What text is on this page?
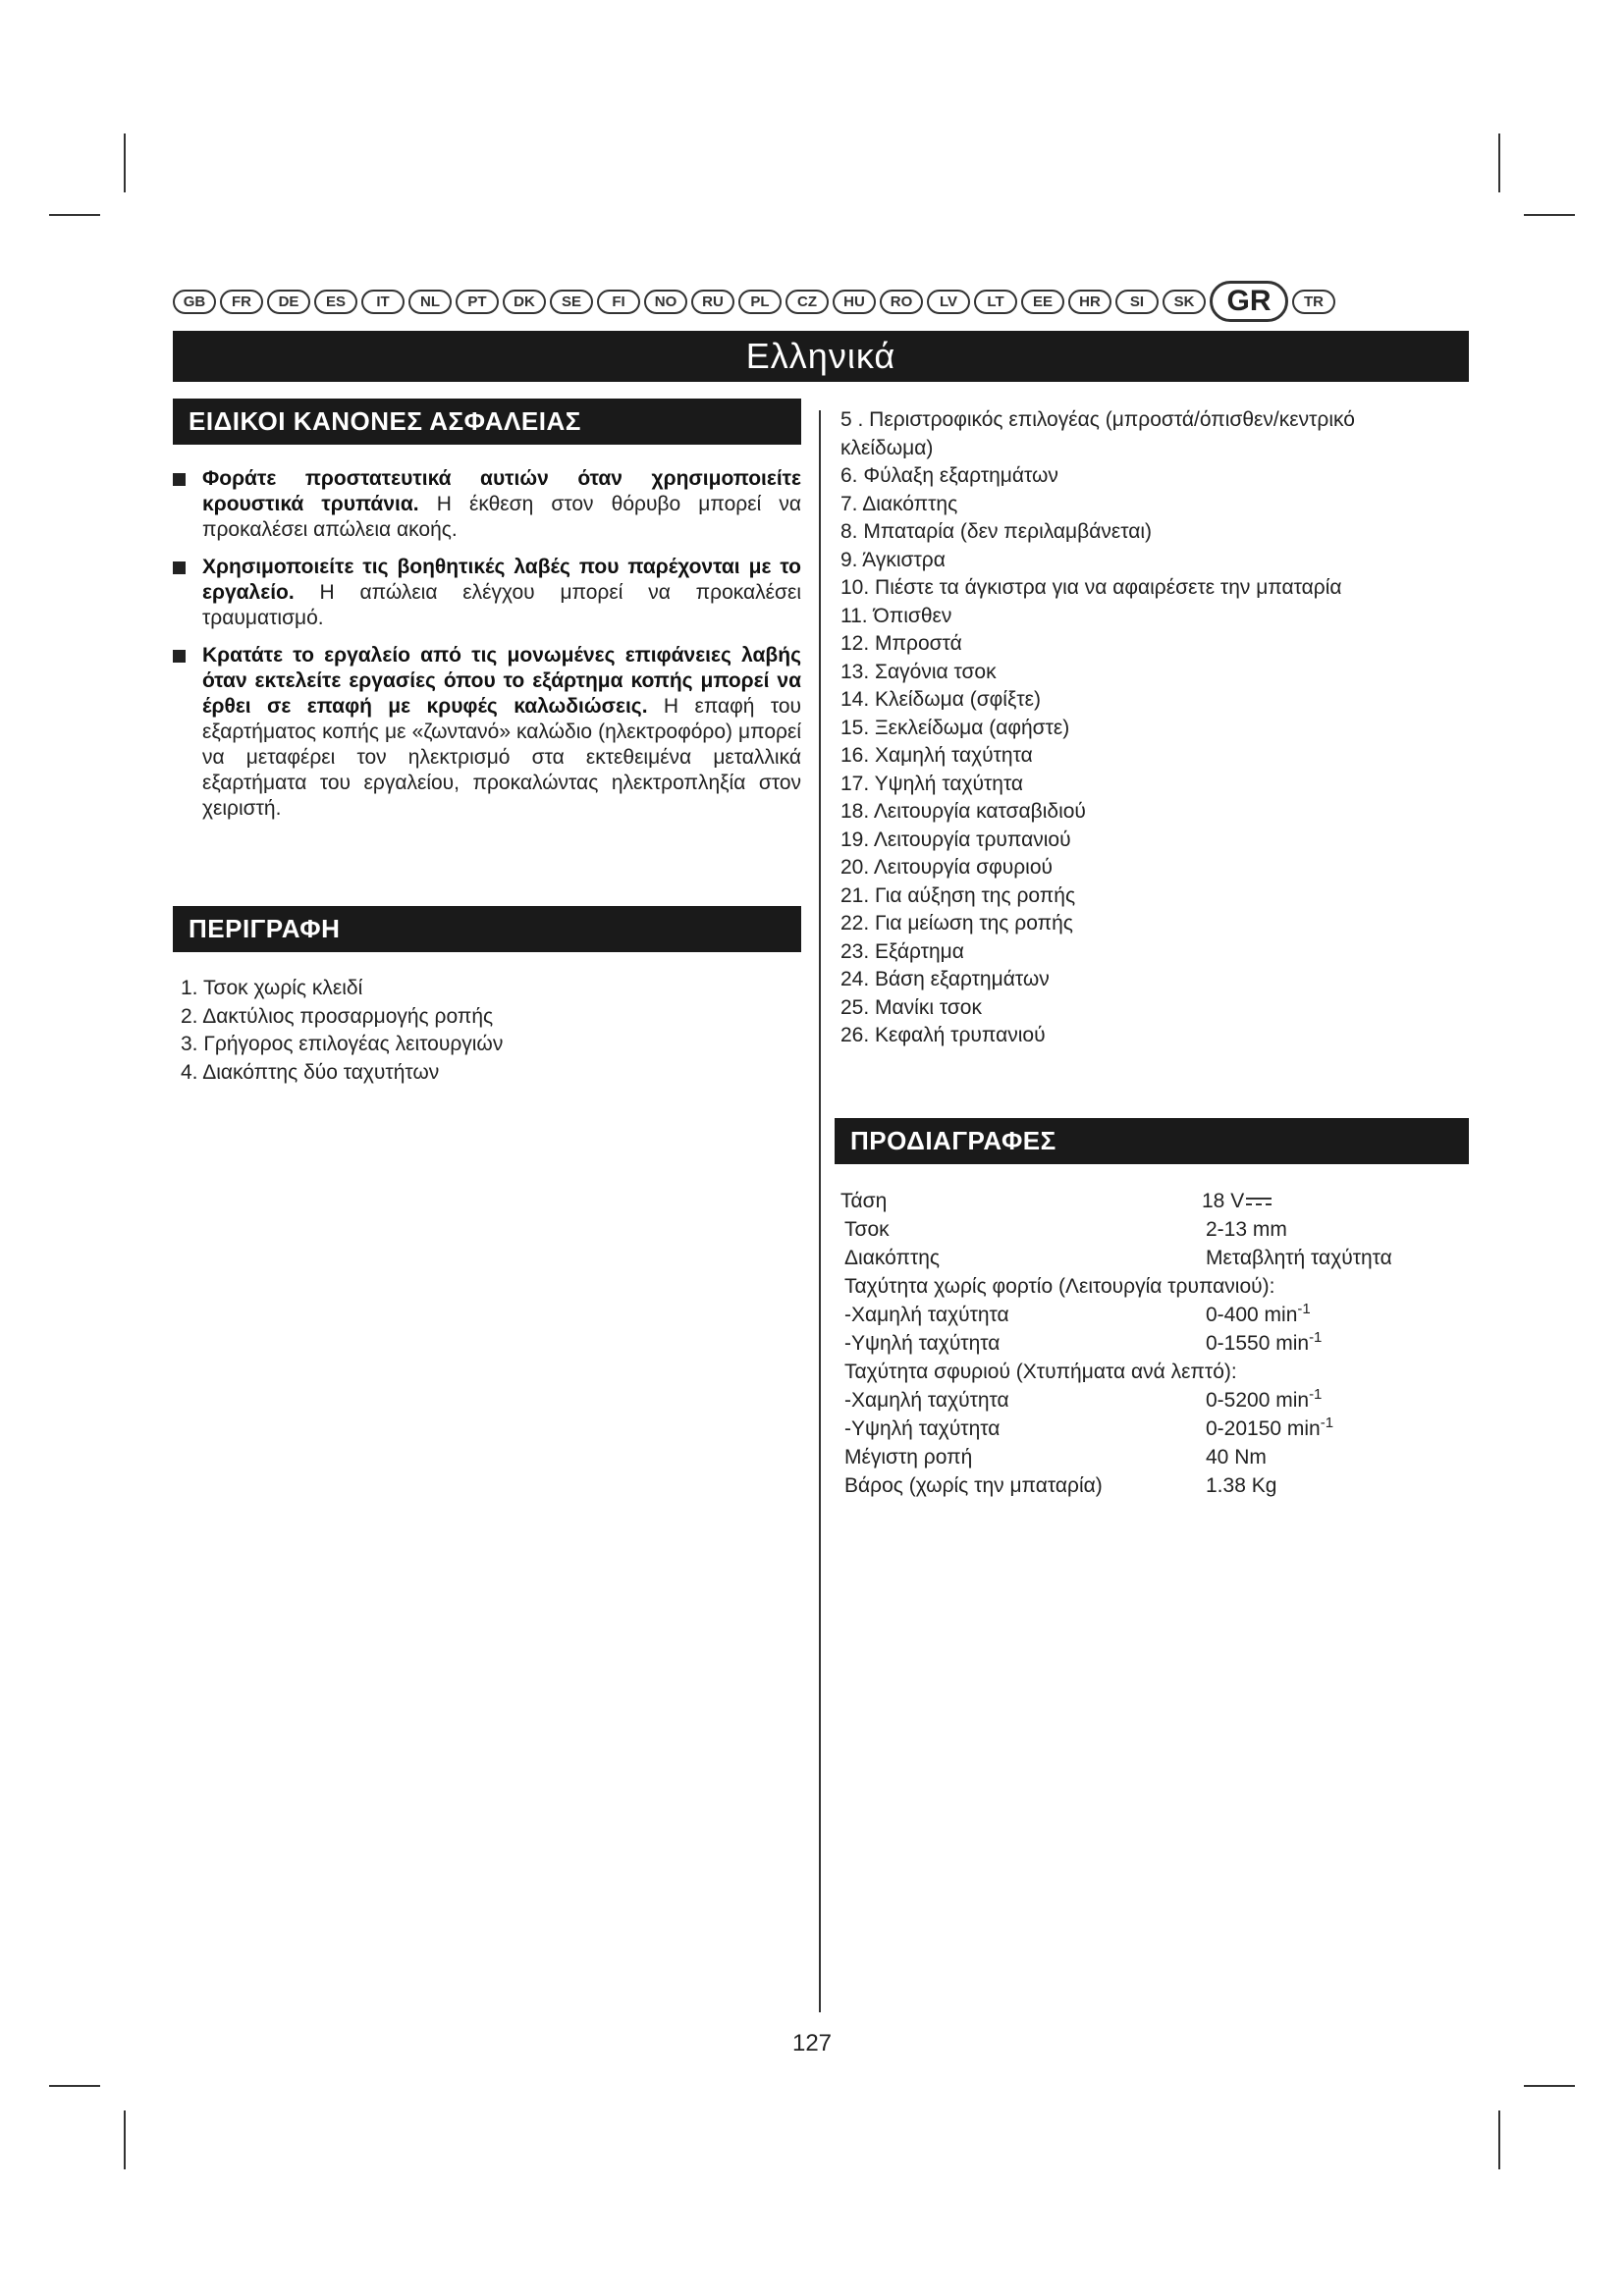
GB	FR	DE	ES	IT	NL	PT	DK	SE	FI	NO	RU	PL	CZ	HU	RO	LV	LT	EE	HR	SI	SK	GR	TR
Ελληνικά
ΕΙΔΙΚΟΙ ΚΑΝΟΝΕΣ ΑΣΦΑΛΕΙΑΣ
Φοράτε προστατευτικά αυτιών όταν χρησιμοποιείτε κρουστικά τρυπάνια. Η έκθεση στον θόρυβο μπορεί να προκαλέσει απώλεια ακοής.
Χρησιμοποιείτε τις βοηθητικές λαβές που παρέχονται με το εργαλείο. Η απώλεια ελέγχου μπορεί να προκαλέσει τραυματισμό.
Κρατάτε το εργαλείο από τις μονωμένες επιφάνειες λαβής όταν εκτελείτε εργασίες όπου το εξάρτημα κοπής μπορεί να έρθει σε επαφή με κρυφές καλωδιώσεις. Η επαφή του εξαρτήματος κοπής με «ζωντανό» καλώδιο (ηλεκτροφόρο) μπορεί να μεταφέρει τον ηλεκτρισμό στα εκτεθειμένα μεταλλικά εξαρτήματα του εργαλείου, προκαλώντας ηλεκτροπληξία στον χειριστή.
ΠΕΡΙΓΡΑΦΗ
1. Τσοκ χωρίς κλειδί
2. Δακτύλιος προσαρμογής ροπής
3. Γρήγορος επιλογέας λειτουργιών
4. Διακόπτης δύο ταχυτήτων
5 . Περιστροφικός επιλογέας (μπροστά/όπισθεν/κεντρικό
κλείδωμα)
6. Φύλαξη εξαρτημάτων
7. Διακόπτης
8. Μπαταρία (δεν περιλαμβάνεται)
9. Άγκιστρα
10. Πιέστε τα άγκιστρα για να αφαιρέσετε την μπαταρία
11. Όπισθεν
12. Μπροστά
13. Σαγόνια τσοκ
14. Κλείδωμα (σφίξτε)
15. Ξεκλείδωμα (αφήστε)
16. Χαμηλή ταχύτητα
17. Υψηλή ταχύτητα
18. Λειτουργία κατσαβιδιού
19. Λειτουργία τρυπανιού
20. Λειτουργία σφυριού
21. Για αύξηση της ροπής
22. Για μείωση της ροπής
23. Εξάρτημα
24. Βάση εξαρτημάτων
25. Μανίκι τσοκ
26. Κεφαλή τρυπανιού
ΠΡΟΔΙΑΓΡΑΦΕΣ
Τάση	18 V
Τσοκ	2-13 mm
Διακόπτης	Μεταβλητή ταχύτητα
Ταχύτητα χωρίς φορτίο (Λειτουργία τρυπανιού):
-Χαμηλή ταχύτητα	0-400 $\min^{-1}$
-Υψηλή ταχύτητα	0-1550 $\min^{-1}$
Ταχύτητα σφυριού (Χτυπήματα ανά λεπτό):
-Χαμηλή ταχύτητα	0-5200 $\min^{-1}$
-Υψηλή ταχύτητα	0-20150 $\min^{-1}$
Μέγιστη ροπή	40 Nm
Βάρος (χωρίς την μπαταρία)	1.38 Kg
127
